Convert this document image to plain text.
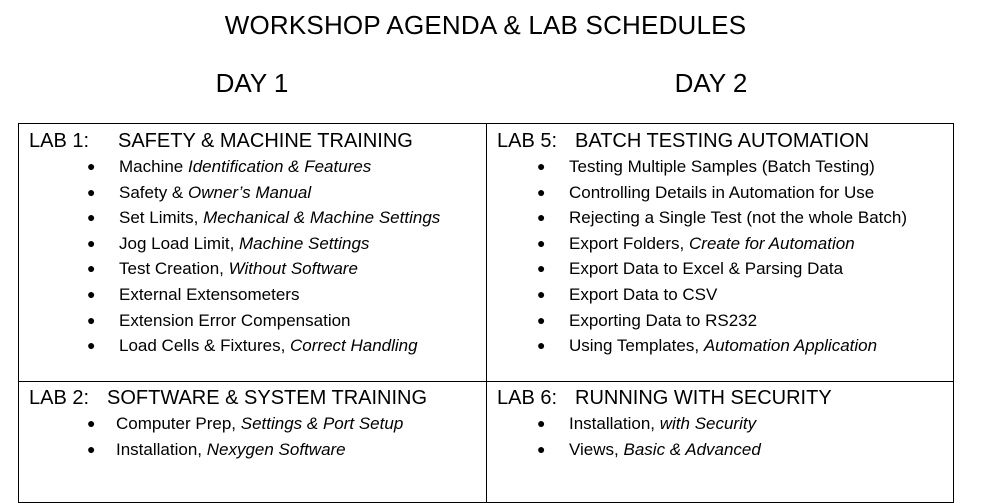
WORKSHOP AGENDA & LAB SCHEDULES
DAY 1	DAY 2
LAB 1: SAFETY & MACHINE TRAINING
● Machine Identification & Features
● Safety & Owner’s Manual
● Set Limits, Mechanical & Machine Settings
● Jog Load Limit, Machine Settings
● Test Creation, Without Software
● External Extensometers
● Extension Error Compensation
● Load Cells & Fixtures, Correct Handling
LAB 5: BATCH TESTING AUTOMATION
● Testing Multiple Samples (Batch Testing)
● Controlling Details in Automation for Use
● Rejecting a Single Test (not the whole Batch)
● Export Folders, Create for Automation
● Export Data to Excel & Parsing Data
● Export Data to CSV
● Exporting Data to RS232
● Using Templates, Automation Application
LAB 2: SOFTWARE & SYSTEM TRAINING
● Computer Prep, Settings & Port Setup
● Installation, Nexygen Software
LAB 6: RUNNING WITH SECURITY
● Installation, with Security
● Views, Basic & Advanced
